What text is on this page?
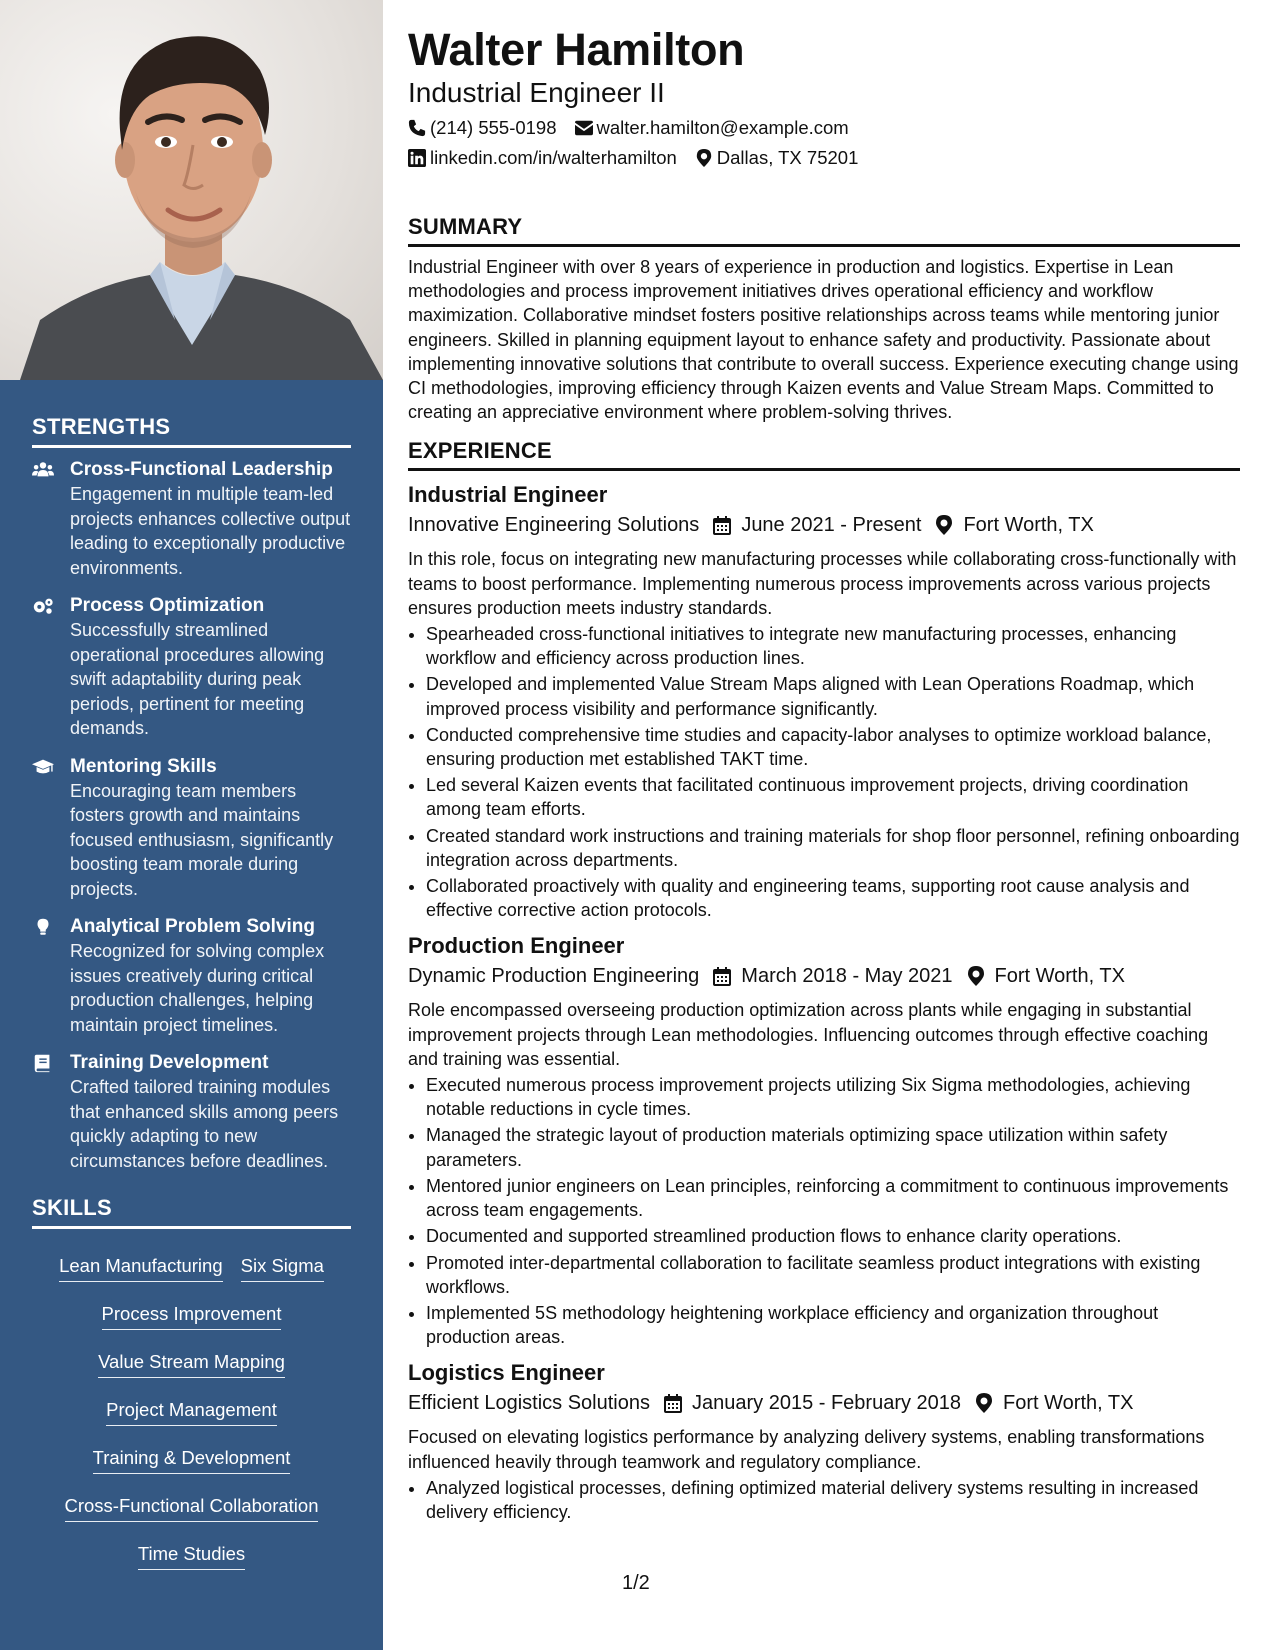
STRENGTHS
Cross-Functional Leadership
Engagement in multiple team-led projects enhances collective output leading to exceptionally productive environments.
Process Optimization
Successfully streamlined operational procedures allowing swift adaptability during peak periods, pertinent for meeting demands.
Mentoring Skills
Encouraging team members fosters growth and maintains focused enthusiasm, significantly boosting team morale during projects.
Analytical Problem Solving
Recognized for solving complex issues creatively during critical production challenges, helping maintain project timelines.
Training Development
Crafted tailored training modules that enhanced skills among peers quickly adapting to new circumstances before deadlines.
SKILLS
Lean Manufacturing Six Sigma
Process Improvement
Value Stream Mapping
Project Management
Training & Development
Cross-Functional Collaboration
Time Studies
Walter Hamilton
Industrial Engineer II
(214) 555-0198 walter.hamilton@example.com
linkedin.com/in/walterhamilton Dallas, TX 75201
SUMMARY

Industrial Engineer with over 8 years of experience in production and logistics. Expertise in Lean methodologies and process improvement initiatives drives operational efficiency and workflow maximization. Collaborative mindset fosters positive relationships across teams while mentoring junior engineers. Skilled in planning equipment layout to enhance safety and productivity. Passionate about implementing innovative solutions that contribute to overall success. Experience executing change using CI methodologies, improving efficiency through Kaizen events and Value Stream Maps. Committed to creating an appreciative environment where problem-solving thrives.

EXPERIENCE
Industrial Engineer
Innovative Engineering Solutions June 2021 - Present Fort Worth, TX
In this role, focus on integrating new manufacturing processes while collaborating cross-functionally with teams to boost performance. Implementing numerous process improvements across various projects ensures production meets industry standards.
• Spearheaded cross-functional initiatives to integrate new manufacturing processes, enhancing workflow and efficiency across production lines.
• Developed and implemented Value Stream Maps aligned with Lean Operations Roadmap, which improved process visibility and performance significantly.
• Conducted comprehensive time studies and capacity-labor analyses to optimize workload balance, ensuring production met established TAKT time.
• Led several Kaizen events that facilitated continuous improvement projects, driving coordination among team efforts.
• Created standard work instructions and training materials for shop floor personnel, refining onboarding integration across departments.
• Collaborated proactively with quality and engineering teams, supporting root cause analysis and effective corrective action protocols.
Production Engineer
Dynamic Production Engineering March 2018 - May 2021 Fort Worth, TX
Role encompassed overseeing production optimization across plants while engaging in substantial improvement projects through Lean methodologies. Influencing outcomes through effective coaching and training was essential.
• Executed numerous process improvement projects utilizing Six Sigma methodologies, achieving notable reductions in cycle times.
• Managed the strategic layout of production materials optimizing space utilization within safety parameters.
• Mentored junior engineers on Lean principles, reinforcing a commitment to continuous improvements across team engagements.
• Documented and supported streamlined production flows to enhance clarity operations.
• Promoted inter-departmental collaboration to facilitate seamless product integrations with existing workflows.
• Implemented 5S methodology heightening workplace efficiency and organization throughout production areas.
Logistics Engineer
Efficient Logistics Solutions January 2015 - February 2018 Fort Worth, TX
Focused on elevating logistics performance by analyzing delivery systems, enabling transformations influenced heavily through teamwork and regulatory compliance.
• Analyzed logistical processes, defining optimized material delivery systems resulting in increased delivery efficiency.
1/2
